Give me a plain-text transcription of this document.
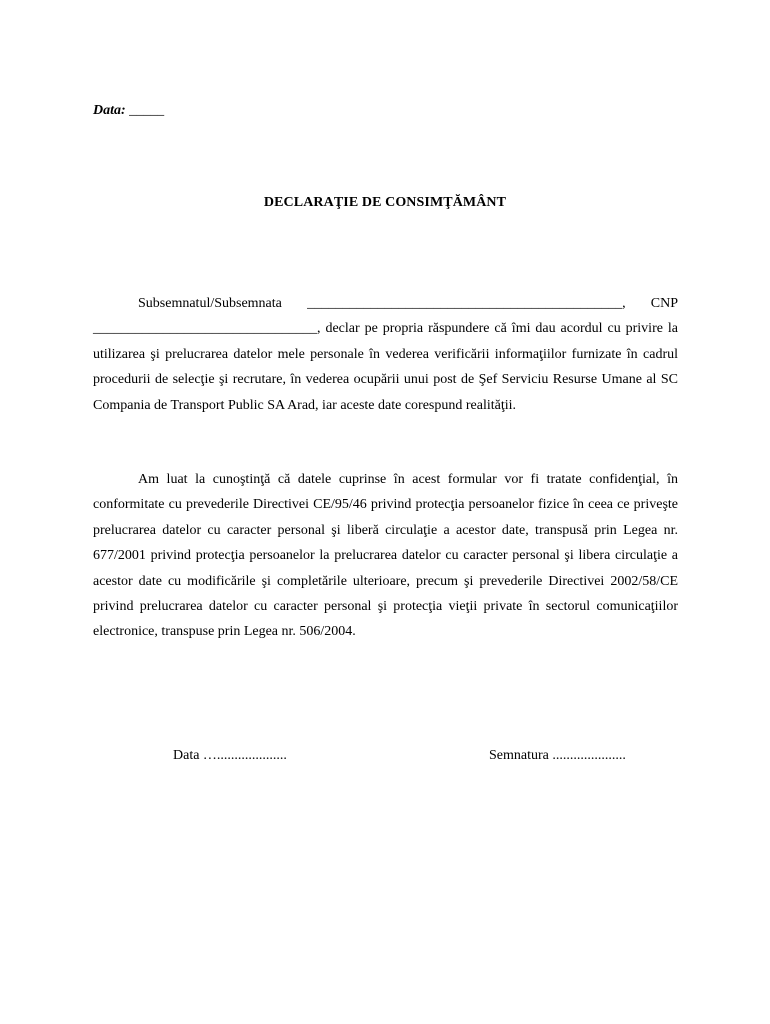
Data: _____
DECLARAŢIE DE CONSIMŢĂMÂNT

Subsemnatul/Subsemnata _____________________________________________, CNP ________________________________, declar pe propria răspundere că îmi dau acordul cu privire la utilizarea şi prelucrarea datelor mele personale în vederea verificării informaţiilor furnizate în cadrul procedurii de selecţie şi recrutare, în vederea ocupării unui post de Şef Serviciu Resurse Umane al SC Compania de Transport Public SA Arad, iar aceste date corespund realităţii.

Am luat la cunoştinţă că datele cuprinse în acest formular vor fi tratate confidenţial, în conformitate cu prevederile Directivei CE/95/46 privind protecţia persoanelor fizice în ceea ce priveşte prelucrarea datelor cu caracter personal şi liberă circulaţie a acestor date, transpusă prin Legea nr. 677/2001 privind protecţia persoanelor la prelucrarea datelor cu caracter personal şi libera circulaţie a acestor date cu modificările şi completările ulterioare, precum şi prevederile Directivei 2002/58/CE privind prelucrarea datelor cu caracter personal şi protecţia vieţii private în sectorul comunicaţiilor electronice, transpuse prin Legea nr. 506/2004.

Data …....................	Semnatura .....................
